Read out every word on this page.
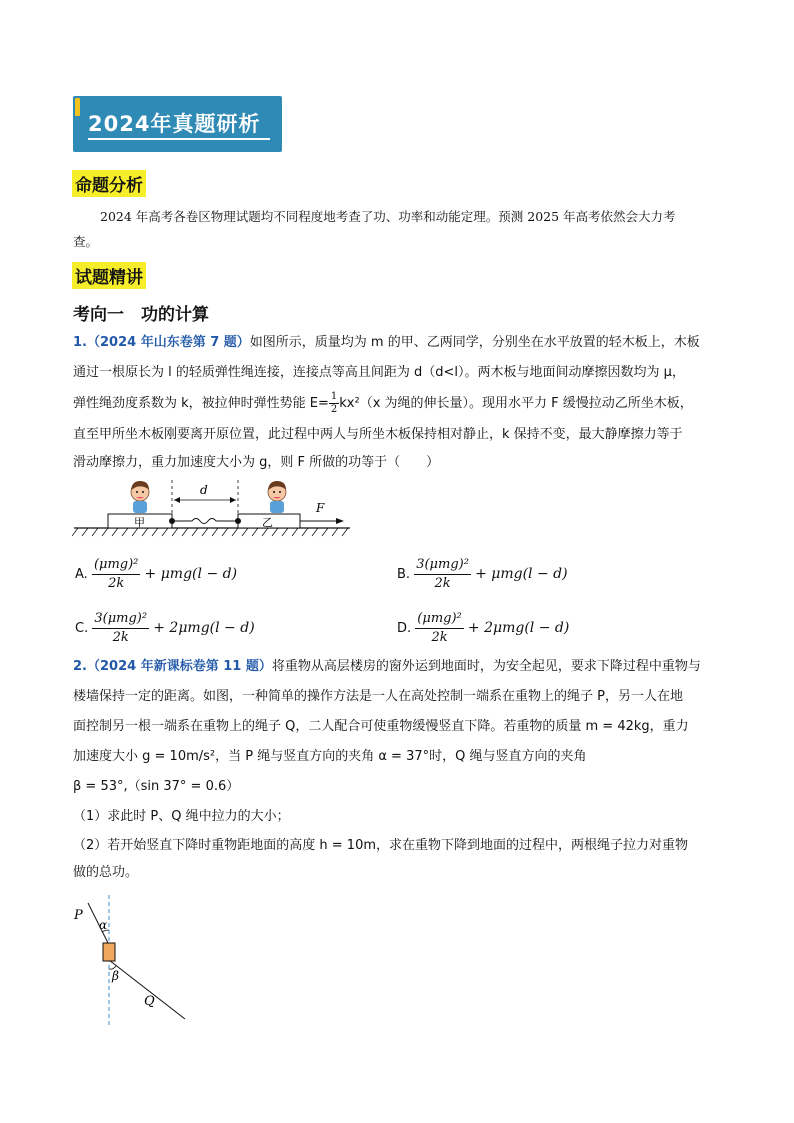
2024年真题研析
命题分析
2024 年高考各卷区物理试题均不同程度地考查了功、功率和动能定理。预测 2025 年高考依然会大力考
查。
试题精讲
考向一　功的计算
1.（2024 年山东卷第 7 题）如图所示，质量均为 m 的甲、乙两同学，分别坐在水平放置的轻木板上，木板
通过一根原长为 l 的轻质弹性绳连接，连接点等高且间距为 d（d<l）。两木板与地面间动摩擦因数均为 μ，
弹性绳劲度系数为 k，被拉伸时弹性势能 $E= \frac{1}{2} kx^2(x$ 为绳的伸长量）。现用水平力 F 缓慢拉动乙所坐木板，
直至甲所坐木板刚要离开原位置，此过程中两人与所坐木板保持相对静止，k 保持不变，最大静摩擦力等于
滑动摩擦力，重力加速度大小为 g，则 F 所做的功等于（　　）
甲	乙
d
F
A. $\frac{\text{(μmg)²}}{2k} + \mu mg(l - d)$	B. $\frac{\text{3(μmg)²}}{2k} + \mu mg(l - d)$
C. $\frac{\text{3(μmg)²}}{2k} + 2\mu mg(l - d)$	D. $\frac{\text{(μmg)²}}{2k} + 2\mu mg(l - d)$
2.（2024 年新课标卷第 11 题）将重物从高层楼房的窗外运到地面时，为安全起见，要求下降过程中重物与
楼墙保持一定的距离。如图，一种简单的操作方法是一人在高处控制一端系在重物上的绳子 P，另一人在地
面控制另一根一端系在重物上的绳子 Q，二人配合可使重物缓慢竖直下降。若重物的质量 m = 42kg，重力
加速度大小 g = 10m/s²，当 P 绳与竖直方向的夹角 α = 37°时，Q 绳与竖直方向的夹角
β = 53°,（sin 37° = 0.6）
（1）求此时 P、Q 绳中拉力的大小；
（2）若开始竖直下降时重物距地面的高度 h = 10m，求在重物下降到地面的过程中，两根绳子拉力对重物
做的总功。
P
α
β
Q
